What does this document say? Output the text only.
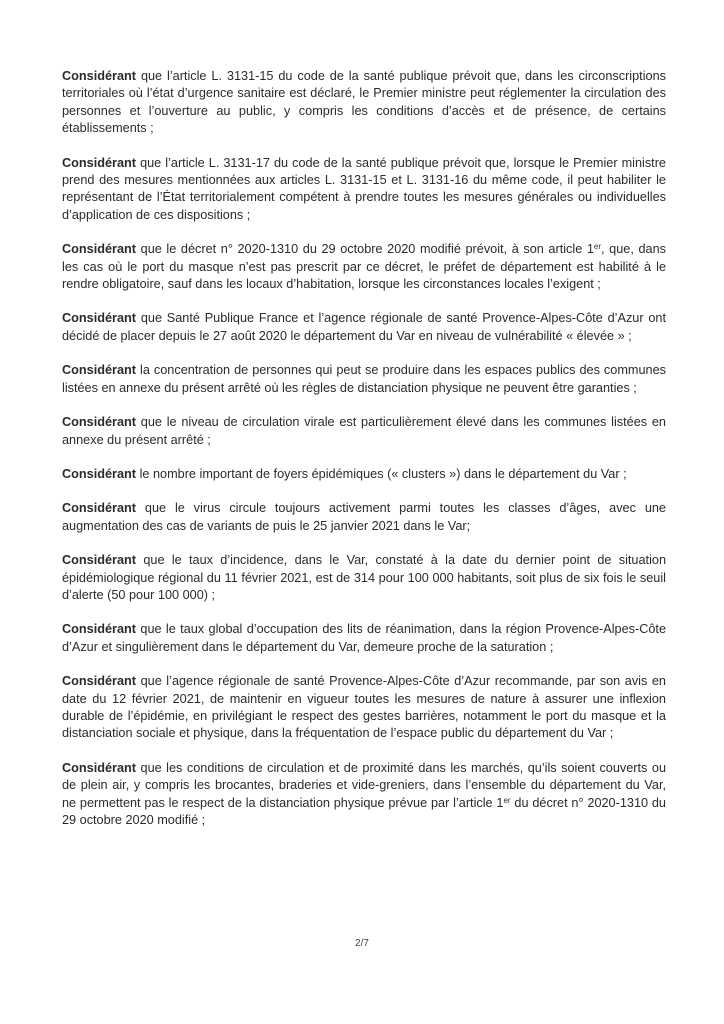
Considérant que l’article L. 3131-15 du code de la santé publique prévoit que, dans les circonscriptions territoriales où l’état d’urgence sanitaire est déclaré, le Premier ministre peut réglementer la circulation des personnes et l’ouverture au public, y compris les conditions d’accès et de présence, de certains établissements ;

Considérant que l’article L. 3131-17 du code de la santé publique prévoit que, lorsque le Premier ministre prend des mesures mentionnées aux articles L. 3131-15 et L. 3131-16 du même code, il peut habiliter le représentant de l’État territorialement compétent à prendre toutes les mesures générales ou individuelles d’application de ces dispositions ;

Considérant que le décret n° 2020-1310 du 29 octobre 2020 modifié prévoit, à son article 1er, que, dans les cas où le port du masque n’est pas prescrit par ce décret, le préfet de département est habilité à le rendre obligatoire, sauf dans les locaux d’habitation, lorsque les circonstances locales l’exigent ;

Considérant que Santé Publique France et l’agence régionale de santé Provence-Alpes-Côte d’Azur ont décidé de placer depuis le 27 août 2020 le département du Var en niveau de vulnérabilité « élevée » ;

Considérant la concentration de personnes qui peut se produire dans les espaces publics des communes listées en annexe du présent arrêté où les règles de distanciation physique ne peuvent être garanties ;

Considérant que le niveau de circulation virale est particulièrement élevé dans les communes listées en annexe du présent arrêté ;

Considérant le nombre important de foyers épidémiques (« clusters ») dans le département du Var ;

Considérant que le virus circule toujours activement parmi toutes les classes d’âges, avec une augmentation des cas de variants de puis le 25 janvier 2021 dans le Var;

Considérant que le taux d’incidence, dans le Var, constaté à la date du dernier point de situation épidémiologique régional du 11 février 2021, est de 314 pour 100 000 habitants, soit plus de six fois le seuil d’alerte (50 pour 100 000) ;

Considérant que le taux global d’occupation des lits de réanimation, dans la région Provence-Alpes-Côte d’Azur et singulièrement dans le département du Var, demeure proche de la saturation ;

Considérant que l’agence régionale de santé Provence-Alpes-Côte d’Azur recommande, par son avis en date du 12 février 2021, de maintenir en vigueur toutes les mesures de nature à assurer une inflexion durable de l’épidémie, en privilégiant le respect des gestes barrières, notamment le port du masque et la distanciation sociale et physique, dans la fréquentation de l’espace public du département du Var ;

Considérant que les conditions de circulation et de proximité dans les marchés, qu’ils soient couverts ou de plein air, y compris les brocantes, braderies et vide-greniers, dans l’ensemble du département du Var, ne permettent pas le respect de la distanciation physique prévue par l’article 1er du décret n° 2020-1310 du 29 octobre 2020 modifié ;

2/7
